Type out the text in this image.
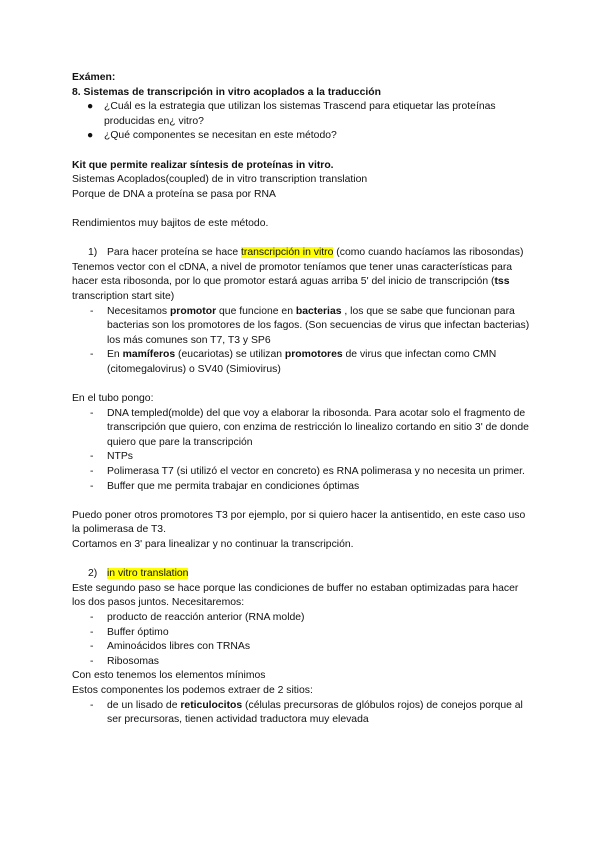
Exámen:

8. Sistemas de transcripción in vitro acoplados a la traducción

● ¿Cuál es la estrategia que utilizan los sistemas Trascend para etiquetar las proteínas producidas en¿ vitro?
● ¿Qué componentes se necesitan en este método?

Kit que permite realizar síntesis de proteínas in vitro.

Sistemas Acoplados(coupled) de in vitro transcription translation

Porque de DNA a proteína se pasa por RNA

Rendimientos muy bajitos de este método.

1) Para hacer proteína se hace transcripción in vitro (como cuando hacíamos las ribosondas)

Tenemos vector con el cDNA, a nivel de promotor teníamos que tener unas características para hacer esta ribosonda, por lo que promotor estará aguas arriba 5' del inicio de transcripción (tss transcription start site)

- Necesitamos promotor que funcione en bacterias , los que se sabe que funcionan para bacterias son los promotores de los fagos. (Son secuencias de virus que infectan bacterias) los más comunes son T7, T3 y SP6
- En mamíferos (eucariotas) se utilizan promotores de virus que infectan como CMN (citomegalovirus) o SV40 (Simiovirus)

En el tubo pongo:

- DNA templed(molde) del que voy a elaborar la ribosonda. Para acotar solo el fragmento de transcripción que quiero, con enzima de restricción lo linealizo cortando en sitio 3' de donde quiero que pare la transcripción
- NTPs
- Polimerasa T7 (si utilizó el vector en concreto) es RNA polimerasa y no necesita un primer.
- Buffer que me permita trabajar en condiciones óptimas

Puedo poner otros promotores T3 por ejemplo, por si quiero hacer la antisentido, en este caso uso la polimerasa de T3.

Cortamos en 3' para linealizar y no continuar la transcripción.

2) in vitro translation

Este segundo paso se hace porque las condiciones de buffer no estaban optimizadas para hacer los dos pasos juntos. Necesitaremos:

- producto de reacción anterior (RNA molde)
- Buffer óptimo
- Aminoácidos libres con TRNAs
- Ribosomas

Con esto tenemos los elementos mínimos

Estos componentes los podemos extraer de 2 sitios:

- de un lisado de reticulocitos (células precursoras de glóbulos rojos) de conejos porque al ser precursoras, tienen actividad traductora muy elevada
